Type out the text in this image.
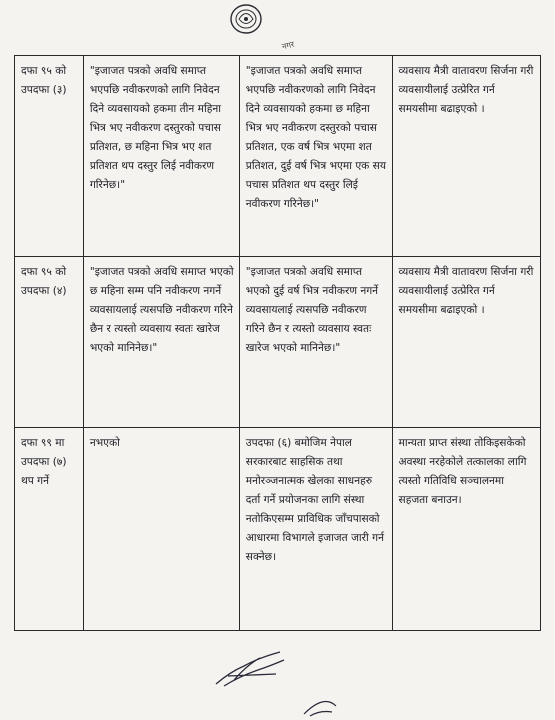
नगर
दफा ९५ को उपदफा (३)	"इजाजत पत्रको अवधि समाप्त भएपछि नवीकरणको लागि निवेदन दिने व्यवसायको हकमा तीन महिना भित्र भए नवीकरण दस्तुरको पचास प्रतिशत, छ महिना भित्र भए शत प्रतिशत थप दस्तुर लिई नवीकरण गरिनेछ।"	"इजाजत पत्रको अवधि समाप्त भएपछि नवीकरणको लागि निवेदन दिने व्यवसायको हकमा छ महिना भित्र भए नवीकरण दस्तुरको पचास प्रतिशत, एक वर्ष भित्र भएमा शत प्रतिशत, दुई वर्ष भित्र भएमा एक सय पचास प्रतिशत थप दस्तुर लिई नवीकरण गरिनेछ।"	व्यवसाय मैत्री वातावरण सिर्जना गरी व्यवसायीलाई उत्प्रेरित गर्न समयसीमा बढाइएको ।
दफा ९५ को उपदफा (४)	"इजाजत पत्रको अवधि समाप्त भएको छ महिना सम्म पनि नवीकरण नगर्ने व्यवसायलाई त्यसपछि नवीकरण गरिने छैन र त्यस्तो व्यवसाय स्वतः खारेज भएको मानिनेछ।"	"इजाजत पत्रको अवधि समाप्त भएको दुई वर्ष भित्र नवीकरण नगर्ने व्यवसायलाई त्यसपछि नवीकरण गरिने छैन र त्यस्तो व्यवसाय स्वतः खारेज भएको मानिनेछ।"	व्यवसाय मैत्री वातावरण सिर्जना गरी व्यवसायीलाई उत्प्रेरित गर्न समयसीमा बढाइएको ।
दफा ९९ मा उपदफा (७) थप गर्ने	नभएको	उपदफा (६) बमोजिम नेपाल सरकारबाट साहसिक तथा मनोरञ्जनात्मक खेलका साधनहरु दर्ता गर्ने प्रयोजनका लागि संस्था नतोकिएसम्म प्राविधिक जाँचपासको आधारमा विभागले इजाजत जारी गर्न सक्नेछ।	मान्यता प्राप्त संस्था तोकिइसकेको अवस्था नरहेकोले तत्कालका लागि त्यस्तो गतिविधि सञ्चालनमा सहजता बनाउन।
